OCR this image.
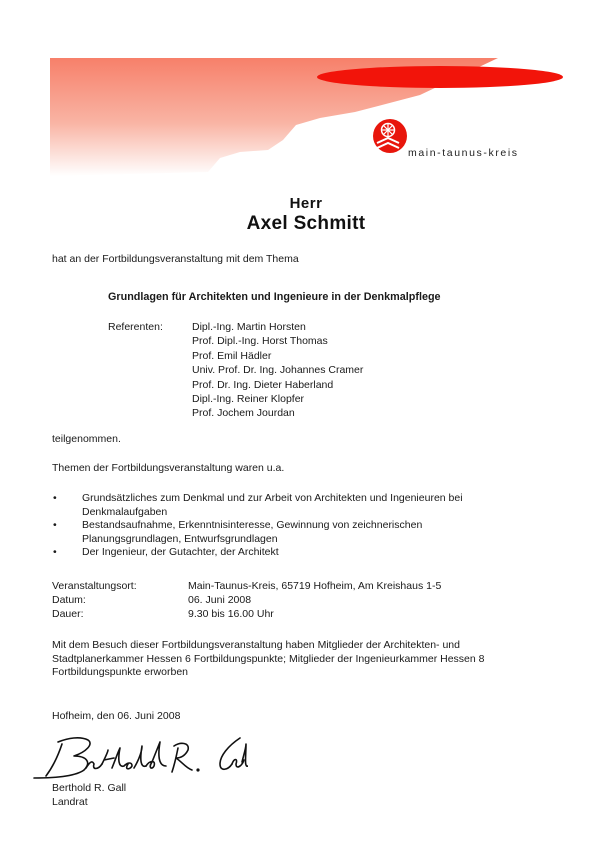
main-taunus-kreis
Herr
Axel Schmitt
hat an der Fortbildungsveranstaltung mit dem Thema
Grundlagen für Architekten und Ingenieure in der Denkmalpflege
Referenten:	Dipl.-Ing. Martin Horsten
Prof. Dipl.-Ing. Horst Thomas
Prof. Emil Hädler
Univ. Prof. Dr. Ing. Johannes Cramer
Prof. Dr. Ing. Dieter Haberland
Dipl.-Ing. Reiner Klopfer
Prof. Jochem Jourdan
teilgenommen.
Themen der Fortbildungsveranstaltung waren u.a.
• Grundsätzliches zum Denkmal und zur Arbeit von Architekten und Ingenieuren bei
Denkmalaufgaben
• Bestandsaufnahme, Erkenntnisinteresse, Gewinnung von zeichnerischen
Planungsgrundlagen, Entwurfsgrundlagen
• Der Ingenieur, der Gutachter, der Architekt
Veranstaltungsort:	Main-Taunus-Kreis, 65719 Hofheim, Am Kreishaus 1-5
Datum:	06. Juni 2008
Dauer:	9.30 bis 16.00 Uhr
Mit dem Besuch dieser Fortbildungsveranstaltung haben Mitglieder der Architekten- und
Stadtplanerkammer Hessen 6 Fortbildungspunkte; Mitglieder der Ingenieurkammer Hessen 8
Fortbildungspunkte erworben
Hofheim, den 06. Juni 2008
Berthold R. Gall
Landrat
